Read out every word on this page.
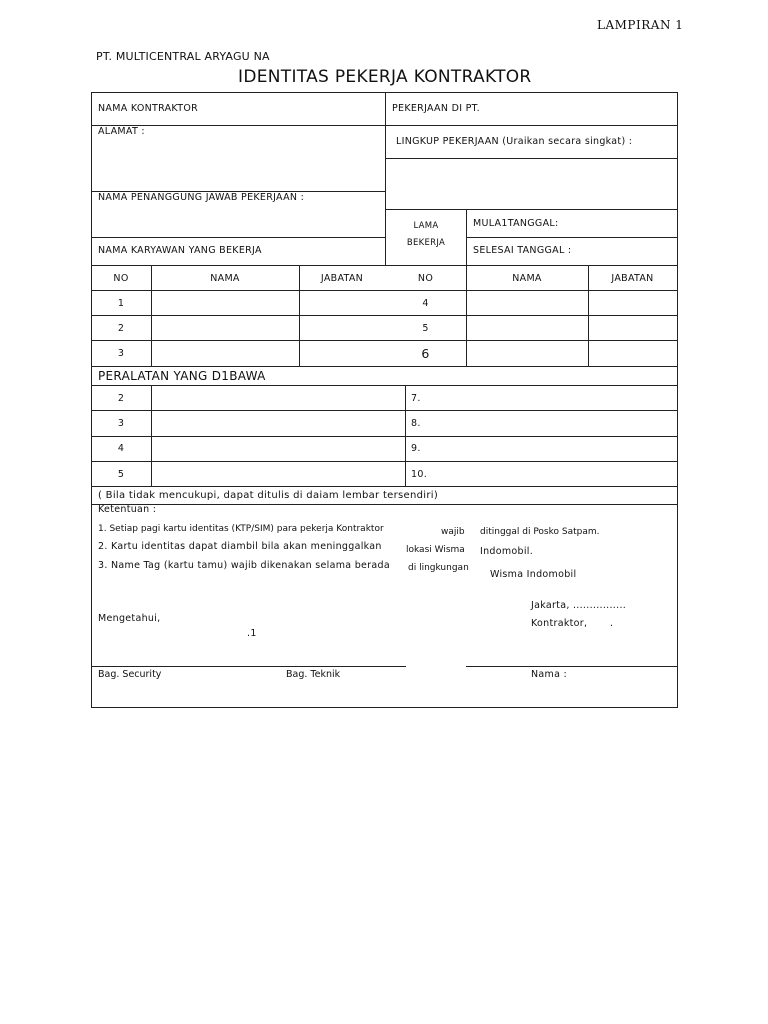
LAMPIRAN 1
PT. MULTICENTRAL ARYAGU NA
IDENTITAS PEKERJA KONTRAKTOR
NAMA KONTRAKTOR	PEKERJAAN DI PT.
ALAMAT :
LINGKUP PEKERJAAN (Uraikan secara singkat) :
NAMA PENANGGUNG JAWAB PEKERJAAN :
LAMA
BEKERJA
MULA1TANGGAL:
SELESAI TANGGAL :
NAMA KARYAWAN YANG BEKERJA
NO	NAMA	JABATAN	NO	NAMA	JABATAN
1	4
2	5
3	6
PERALATAN YANG D1BAWA
2	7.
3	8.
4	9.
5	10.
( Bila tidak mencukupi, dapat ditulis di daiam lembar tersendiri)
Ketentuan :
1. Setiap pagi kartu identitas (KTP/SIM) para pekerja Kontraktor	wajib ditinggal di Posko Satpam.
2. Kartu identitas dapat diambil bila akan meninggalkan	lokasi Wisma Indomobil.
3. Name Tag (kartu tamu) wajib dikenakan selama berada di lingkungan
Wisma Indomobil
Mengetahui,
.1
Jakarta, ................
Kontraktor, .
Bag. Security	Bag. Teknik	Nama :
